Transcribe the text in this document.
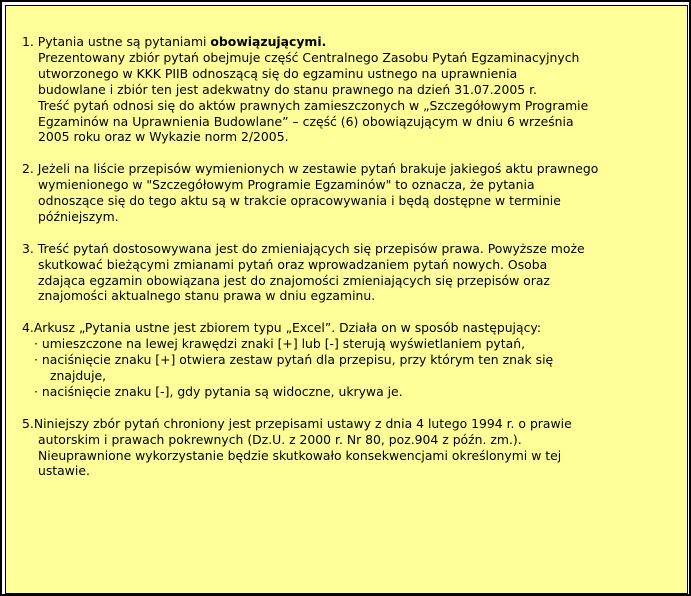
1. Pytania ustne są pytaniami obowiązującymi.
Prezentowany zbiór pytań obejmuje część Centralnego Zasobu Pytań Egzaminacyjnych
utworzonego w KKK PIIB odnoszącą się do egzaminu ustnego na uprawnienia
budowlane i zbiór ten jest adekwatny do stanu prawnego na dzień 31.07.2005 r.
Treść pytań odnosi się do aktów prawnych zamieszczonych w „Szczegółowym Programie
Egzaminów na Uprawnienia Budowlane” – część (6) obowiązującym w dniu 6 września
2005 roku oraz w Wykazie norm 2/2005.
2. Jeżeli na liście przepisów wymienionych w zestawie pytań brakuje jakiegoś aktu prawnego
wymienionego w "Szczegółowym Programie Egzaminów" to oznacza, że pytania
odnoszące się do tego aktu są w trakcie opracowywania i będą dostępne w terminie
późniejszym.
3. Treść pytań dostosowywana jest do zmieniających się przepisów prawa. Powyższe może
skutkować bieżącymi zmianami pytań oraz wprowadzaniem pytań nowych. Osoba
zdająca egzamin obowiązana jest do znajomości zmieniających się przepisów oraz
znajomości aktualnego stanu prawa w dniu egzaminu.
4.Arkusz „Pytania ustne jest zbiorem typu „Excel”. Działa on w sposób następujący:
· umieszczone na lewej krawędzi znaki [+] lub [-] sterują wyświetlaniem pytań,
· naciśnięcie znaku [+] otwiera zestaw pytań dla przepisu, przy którym ten znak się
znajduje,
· naciśnięcie znaku [-], gdy pytania są widoczne, ukrywa je.
5.Niniejszy zbór pytań chroniony jest przepisami ustawy z dnia 4 lutego 1994 r. o prawie
autorskim i prawach pokrewnych (Dz.U. z 2000 r. Nr 80, poz.904 z późn. zm.).
Nieuprawnione wykorzystanie będzie skutkowało konsekwencjami określonymi w tej
ustawie.
